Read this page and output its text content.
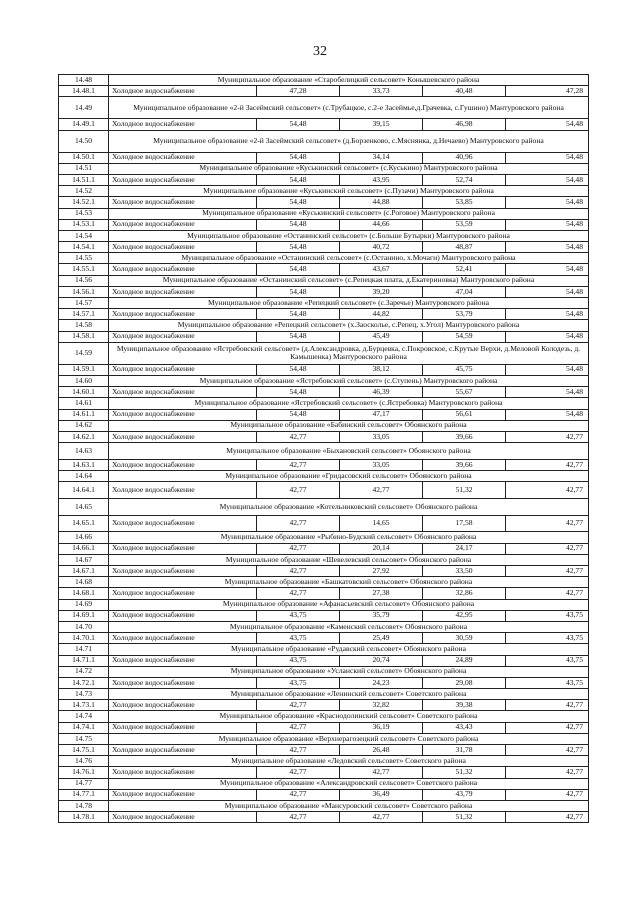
32
14.48	Муниципальное образование «Старобелицкий сельсовет» Конышевского района				
14.48.1	Холодное водоснабжение	47,28	33,73	40,48	47,28
14.49	Муниципальное образование «2-й Засеймский сельсовет» (с.Трубацкое, с.2-е Засеймье,д.Грачевка, с.Гушино) Мантуровского района				
14.49.1	Холодное водоснабжение	54,48	39,15	46,98	54,48
14.50	Муниципальное образование «2-й Засеймский сельсовет» (д.Борзенково, с.Мяснянка, д.Нечаево) Мантуровского района				
14.50.1	Холодное водоснабжение	54,48	34,14	40,96	54,48
14.51	Муниципальное образование «Куськинский сельсовет» (с.Куськино) Мантуровского района				
14.51.1	Холодное водоснабжение	54,48	43,95	52,74	54,48
14.52	Муниципальное образование «Куськинский сельсовет» (с.Пузачи) Мантуровского района				
14.52.1	Холодное водоснабжение	54,48	44,88	53,85	54,48
14.53	Муниципальное образование «Куськинский сельсовет» (с.Роговое) Мантуровского района				
14.53.1	Холодное водоснабжение	54,48	44,66	53,59	54,48
14.54	Муниципальное образование «Останинский сельсовет» (с.Больше Бутырки) Мантуровского района				
14.54.1	Холодное водоснабжение	54,48	40,72	48,87	54,48
14.55	Муниципальное образование «Останинский сельсовет» (с.Останино, х.Мочаги) Мантуровского района				
14.55.1	Холодное водоснабжение	54,48	43,67	52,41	54,48
14.56	Муниципальное образование «Останинский сельсовет» (с.Репецкая плата, д.Екатериновка) Мантуровского района				
14.56.1	Холодное водоснабжение	54,48	39,20	47,04	54,48
14.57	Муниципальное образование «Репецкий сельсовет» (с.Заречье) Мантуровского района				
14.57.1	Холодное водоснабжение	54,48	44,82	53,79	54,48
14.58	Муниципальное образование «Репецкий сельсовет» (х.Заосколье, с.Репец, х.Угол) Мантуровского района				
14.58.1	Холодное водоснабжение	54,48	45,49	54,59	54,48
14.59	Муниципальное образование «Ястребовский сельсовет» (д.Александровка, д.Бурцевка, с.Покровское, с.Крутые Верхи, д.Меловой Колодезь, д. Камышенка) Мантуровского района				
14.59.1	Холодное водоснабжение	54,48	38,12	45,75	54,48
14.60	Муниципальное образование «Ястребовский сельсовет» (с.Ступень) Мантуровского района				
14.60.1	Холодное водоснабжение	54,48	46,39	55,67	54,48
14.61	Муниципальное образование «Ястребовский сельсовет» (с.Ястребовка) Мантуровского района				
14.61.1	Холодное водоснабжение	54,48	47,17	56,61	54,48
14.62	Муниципальное образование «Бабинский сельсовет» Обоянского района				
14.62.1	Холодное водоснабжение	42,77	33,05	39,66	42,77
14.63	Муниципальное образование «Быхановский сельсовет» Обоянского района				
14.63.1	Холодное водоснабжение	42,77	33,05	39,66	42,77
14.64	Муниципальное образование «Гридасовский сельсовет» Обоянского района				
14.64.1	Холодное водоснабжение	42,77	42,77	51,32	42,77
14.65	Муниципальное образование «Котельниковский сельсовет» Обоянского района				
14.65.1	Холодное водоснабжение	42,77	14,65	17,58	42,77
14.66	Муниципальное образование «Рыбино-Будский сельсовет» Обоянского района				
14.66.1	Холодное водоснабжение	42,77	20,14	24,17	42,77
14.67	Муниципальное образование «Шевелевский сельсовет» Обоянского района				
14.67.1	Холодное водоснабжение	42,77	27,92	33,50	42,77
14.68	Муниципальное образование «Башкатовский сельсовет» Обоянского района				
14.68.1	Холодное водоснабжение	42,77	27,38	32,86	42,77
14.69	Муниципальное образование «Афанасьевский сельсовет» Обоянского района				
14.69.1	Холодное водоснабжение	43,75	35,79	42,95	43,75
14.70	Муниципальное образование «Каменский сельсовет» Обоянского района				
14.70.1	Холодное водоснабжение	43,75	25,49	30,59	43,75
14.71	Муниципальное образование «Рудавский сельсовет» Обоянского района				
14.71.1	Холодное водоснабжение	43,75	20,74	24,89	43,75
14.72	Муниципальное образование «Усланский сельсовет» Обоянского района				
14.72.1	Холодное водоснабжение	43,75	24,23	29,08	43,75
14.73	Муниципальное образование «Ленинский сельсовет» Советского района				
14.73.1	Холодное водоснабжение	42,77	32,82	39,38	42,77
14.74	Муниципальное образование «Краснодолинский сельсовет» Советского района				
14.74.1	Холодное водоснабжение	42,77	36,19	43,43	42,77
14.75	Муниципальное образование «Верхнерагозецкий сельсовет» Советского района				
14.75.1	Холодное водоснабжение	42,77	26,48	31,78	42,77
14.76	Муниципальное образование «Ледовский сельсовет» Советского района				
14.76.1	Холодное водоснабжение	42,77	42,77	51,32	42,77
14.77	Муниципальное образование «Александровский сельсовет» Советского района				
14.77.1	Холодное водоснабжение	42,77	36,49	43,79	42,77
14.78	Муниципальное образование «Мансуровский сельсовет» Советского района				
14.78.1	Холодное водоснабжение	42,77	42,77	51,32	42,77
